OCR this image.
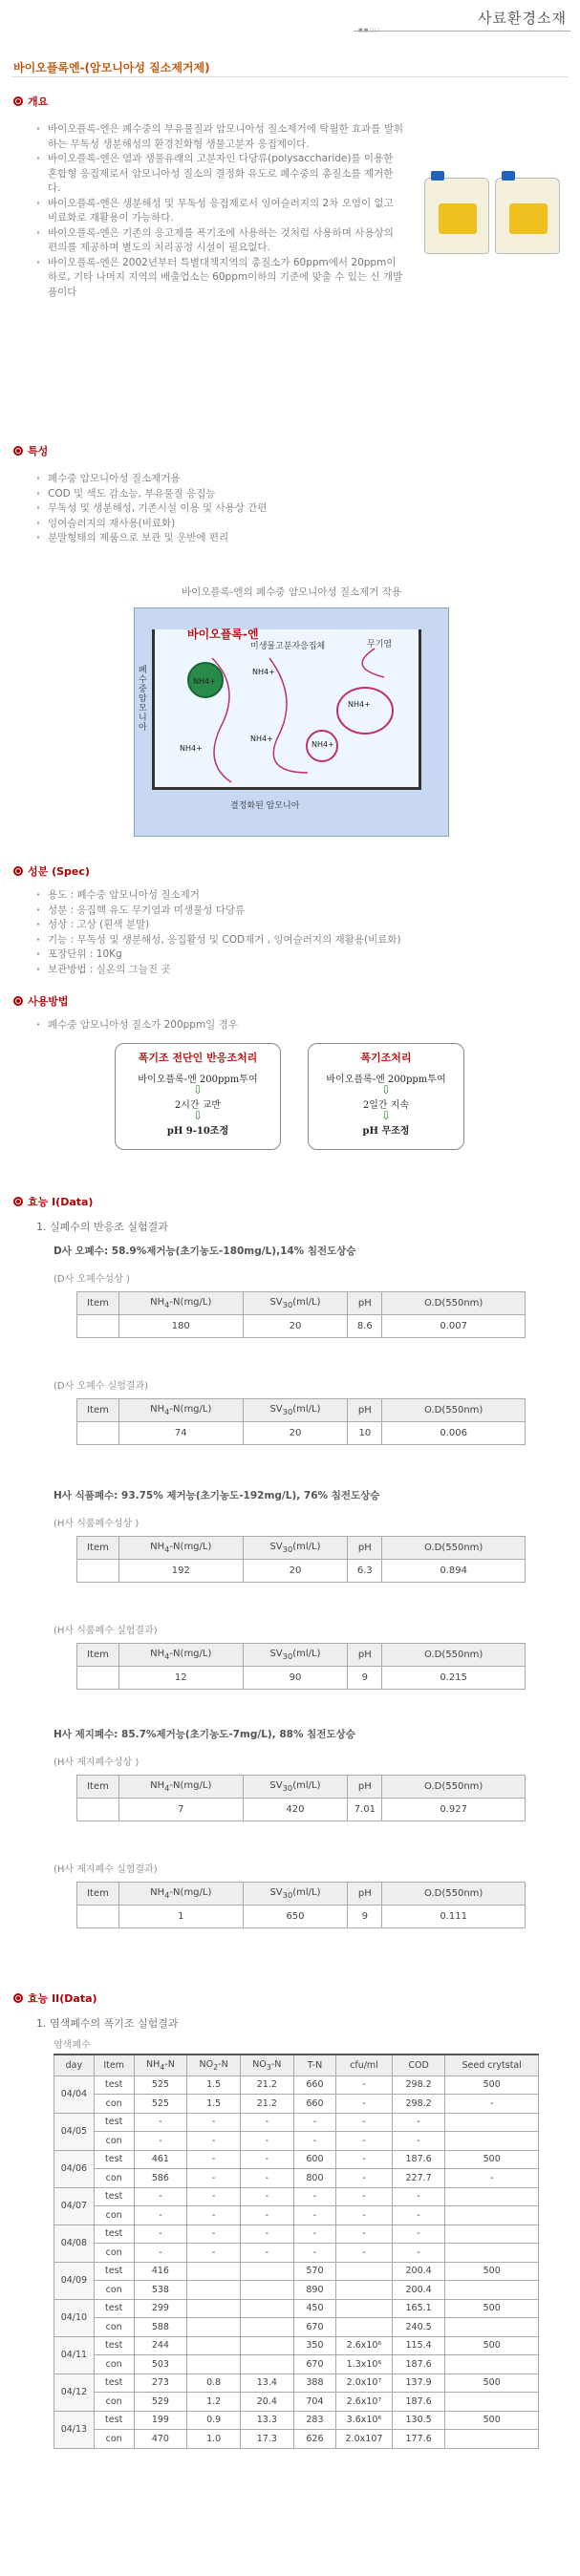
사료환경소재
■■□□
바이오플록엔-(암모니아성 질소제거제)
개요
· 바이오플록-엔은 폐수중의 부유물질과 암모니아성 질소제거에 탁월한 효과를 발휘하는 무독성 생분해성의 환경친화형 생물고분자 응집제이다.
· 바이오플록-엔은 염과 생물유래의 고분자인 다당류(polysaccharide)를 이용한 혼합형 응집제로서 암모니아성 질소의 결정화 유도로 폐수중의 총질소를 제거한다.
· 바이오플록-엔은 생분해성 및 무독성 응집제로서 잉여슬러지의 2차 오염이 없고 비료화로 재활용이 가능하다.
· 바이오플록-엔은 기존의 응고제를 폭기조에 사용하는 것처럼 사용하며 사용상의 편의를 제공하며 별도의 처리공정 시설이 필요없다.
· 바이오플록-엔은 2002년부터 특별대책지역의 총질소가 60ppm에서 20ppm이하로, 기타 나머지 지역의 배출업소는 60ppm이하의 기준에 맞출 수 있는 신 개발품이다
특성
· 폐수중 암모니아성 질소제거용
· COD 및 색도 감소능, 부유물질 응집능
· 무독성 및 생분해성, 기존시설 이용 및 사용상 간편
· 잉여슬러지의 재사용(비료화)
· 분말형태의 제품으로 보관 및 운반에 편리
바이오플록-엔의 폐수중 암모니아성 질소제거 작용
바이오플록-엔
미생물고분자응집체	무기염
NH4+
NH4+
NH4+
NH4+
NH4+
NH4+
폐수중
암모니아
결정화된 암모니아
성분 (Spec)
· 용도 : 폐수중 암모니아성 질소제거
· 성분 : 응집핵 유도 무기염과 미생물성 다당류
· 성상 : 고상 (흰색 분말)
· 기능 : 무독성 및 생분해성, 응집활성 및 COD제거 , 잉여슬러지의 재활용(비료화)
· 포장단위 : 10Kg
· 보관방법 : 실온의 그늘진 곳
사용방법
· 폐수중 암모니아성 질소가 200ppm일 경우
폭기조 전단인 반응조처리
바이오플록-엔 200ppm투여
⇩
2시간 교반
⇩
pH 9-10조정
폭기조처리
바이오플록-엔 200ppm투여
⇩
2일간 지속
⇩
pH 무조정
효능 I(Data)
1. 실폐수의 반응조 실험결과
D사 오폐수: 58.9%제거능(초기농도-180mg/L),14% 침전도상승
(D사 오폐수성상 )
Item	$NH_4-N(mg/L)$	$SV_{30}(ml/L)$	pH	O.D(550nm)
	180	20	8.6	0.007
(D사 오폐수 실험결과)
Item	$NH_4-N(mg/L)$	$SV_{30}(ml/L)$	pH	O.D(550nm)
	74	20	10	0.006
H사 식품폐수: 93.75% 제거능(초기농도-192mg/L), 76% 침전도상승
(H사 식품폐수성상 )
Item	$NH_4-N(mg/L)$	$SV_{30}(ml/L)$	pH	O.D(550nm)
	192	20	6.3	0.894
(H사 식품폐수 실험결과)
Item	$NH_4-N(mg/L)$	$SV_{30}(ml/L)$	pH	O.D(550nm)
	12	90	9	0.215
H사 제지폐수: 85.7%제거능(초기농도-7mg/L), 88% 침전도상승
(H사 제지폐수성상 )
Item	$NH_4-N(mg/L)$	$SV_{30}(ml/L)$	pH	O.D(550nm)
	7	420	7.01	0.927
(H사 제지폐수 실험결과)
Item	$NH_4-N(mg/L)$	$SV_{30}(ml/L)$	pH	O.D(550nm)
	1	650	9	0.111
효능 II(Data)
1. 염색폐수의 폭기조 실험결과
염색폐수
day	Item	$NH_4-N$	$NO_2-N$	$NO_3-N$	T-N	cfu/ml	COD	Seed crytstal
04/04	test	525	1.5	21.2	660	-	298.2	500
	con	525	1.5	21.2	660	-	298.2	-
04/05	test	-	-	-	-	-	-	
	con	-	-	-	-	-	-	
04/06	test	461	-	-	600	-	187.6	500
	con	586	-	-	800	-	227.7	-
04/07	test	-	-	-	-	-	-	
	con	-	-	-	-	-	-	
04/08	test	-	-	-	-	-	-	
	con	-	-	-	-	-	-	
04/09	test	416			570		200.4	500
	con	538			890		200.4	
04/10	test	299			450		165.1	500
	con	588			670		240.5	
04/11	test	244			350	2.6x10⁶	115.4	500
	con	503			670	1.3x10⁶	187.6	
04/12	test	273	0.8	13.4	388	2.0x10⁷	137.9	500
	con	529	1.2	20.4	704	2.6x10⁷	187.6	
04/13	test	199	0.9	13.3	283	3.6x10⁶	130.5	500
	con	470	1.0	17.3	626	2.0x107	177.6	
